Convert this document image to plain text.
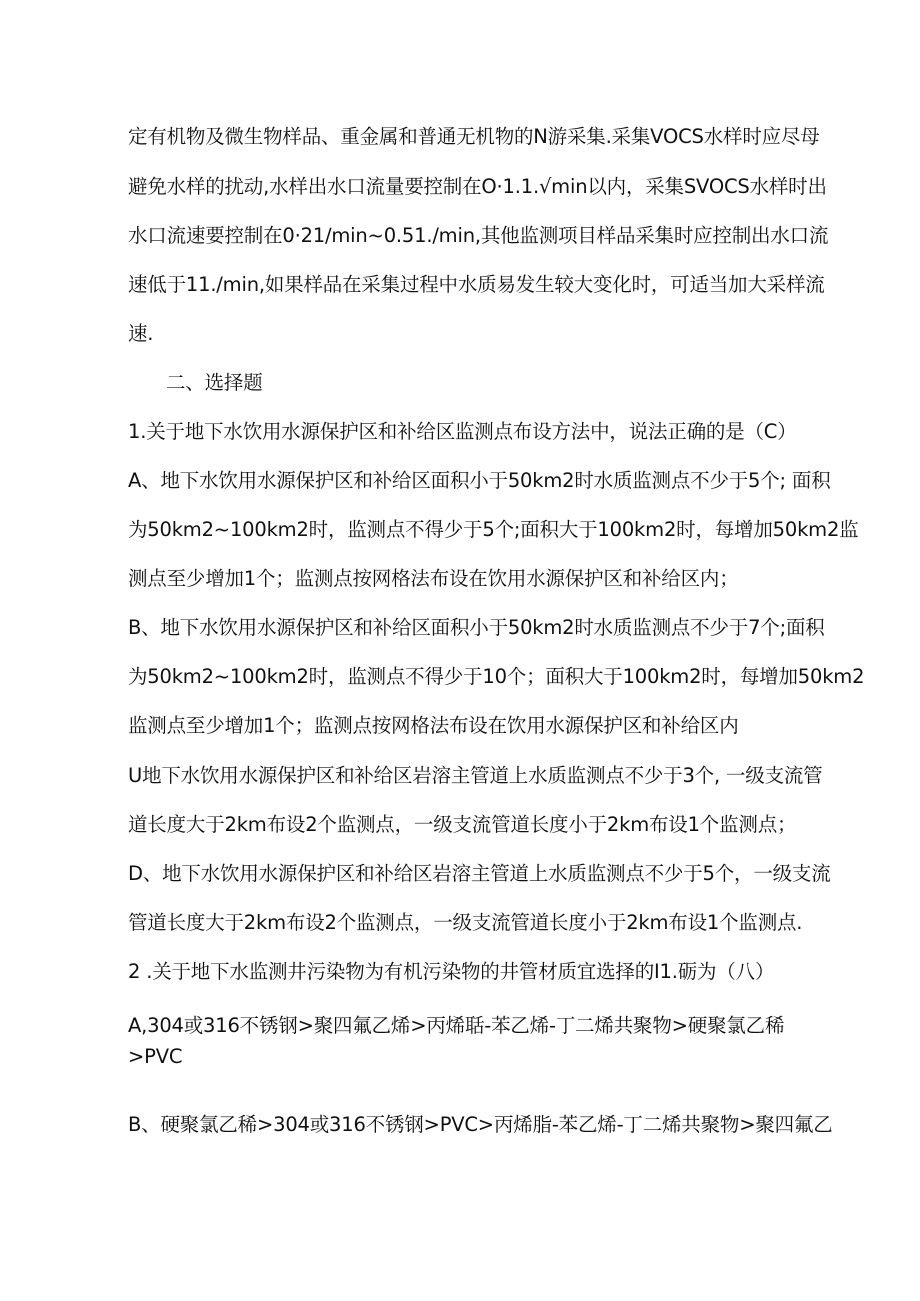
定有机物及微生物样品、重金属和普通无机物的N游采集.采集VOCS水样时应尽母
避免水样的扰动,水样出水口流量要控制在O·1.1.√min以内，采集SVOCS水样时出
水口流速要控制在0·21∕min~0.51./min,其他监测项目样品采集时应控制出水口流
速低于11./min,如果样品在采集过程中水质易发生较大变化时，可适当加大采样流
速.
二、选择题
1.关于地下水饮用水源保护区和补给区监测点布设方法中，说法正确的是（C）
A、地下水饮用水源保护区和补给区面积小于50km2时水质监测点不少于5个; 面积
为50km2~100km2时，监测点不得少于5个;面积大于100km2时，每增加50km2监
测点至少增加1个；监测点按网格法布设在饮用水源保护区和补给区内；
B、地下水饮用水源保护区和补给区面积小于50km2时水质监测点不少于7个;面积
为50km2~100km2时，监测点不得少于10个；面积大于100km2时，每增加50km2
监测点至少增加1个；监测点按网格法布设在饮用水源保护区和补给区内
U地下水饮用水源保护区和补给区岩溶主管道上水质监测点不少于3个, 一级支流管
道长度大于2km布设2个监测点，一级支流管道长度小于2km布设1个监测点；
D、地下水饮用水源保护区和补给区岩溶主管道上水质监测点不少于5个，一级支流
管道长度大于2km布设2个监测点，一级支流管道长度小于2km布设1个监测点.
2 .关于地下水监测井污染物为有机污染物的井管材质宜选择的I1.砺为（八）
A,304或316不锈钢>聚四氟乙烯>丙烯聒-苯乙烯-丁二烯共聚物>硬聚氯乙稀
>PVC
B、硬聚氯乙稀>304或316不锈钢>PVC>丙烯脂-苯乙烯-丁二烯共聚物>聚四氟乙
